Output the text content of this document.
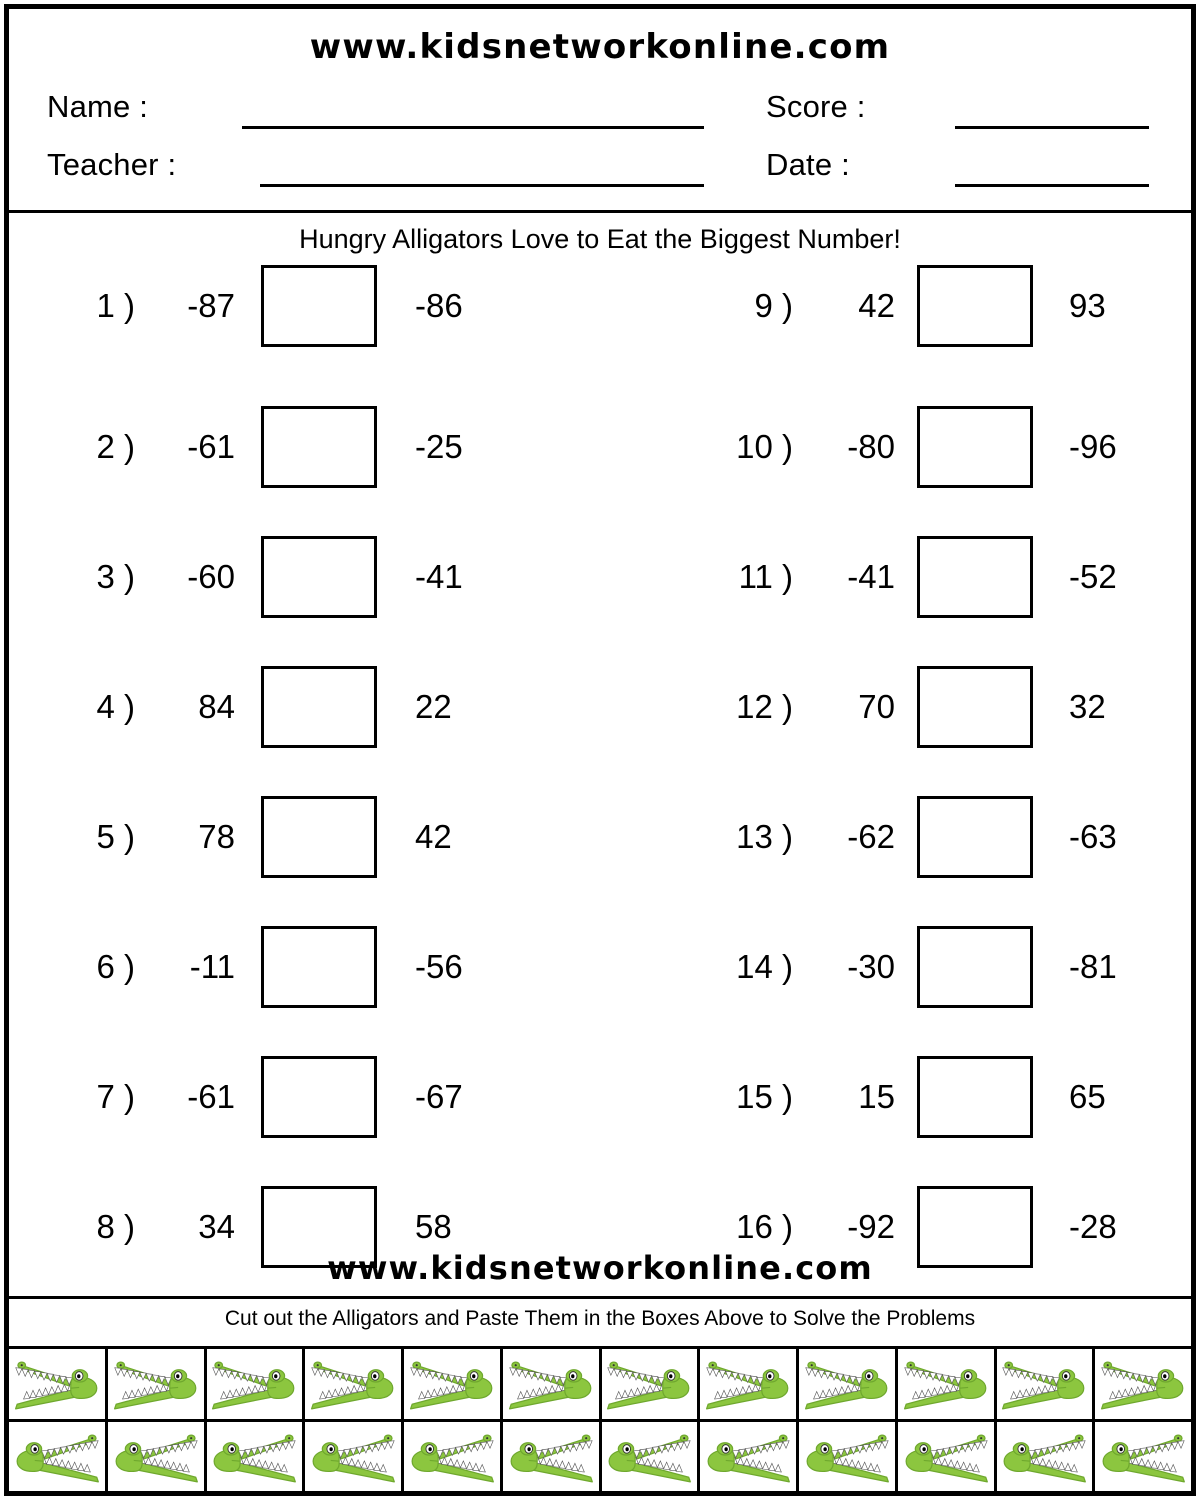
www.kidsnetworkonline.com
Name :
Teacher :
Score :
Date :
Hungry Alligators Love to Eat the Biggest Number!
1 )	-87	-86
2 )	-61	-25
3 )	-60	-41
4 )	84	22
5 )	78	42
6 )	-11	-56
7 )	-61	-67
8 )	34	58
9 )	42	93
10 )	-80	-96
11 )	-41	-52
12 )	70	32
13 )	-62	-63
14 )	-30	-81
15 )	15	65
16 )	-92	-28
www.kidsnetworkonline.com
Cut out the Alligators and Paste Them in the Boxes Above to Solve the Problems
